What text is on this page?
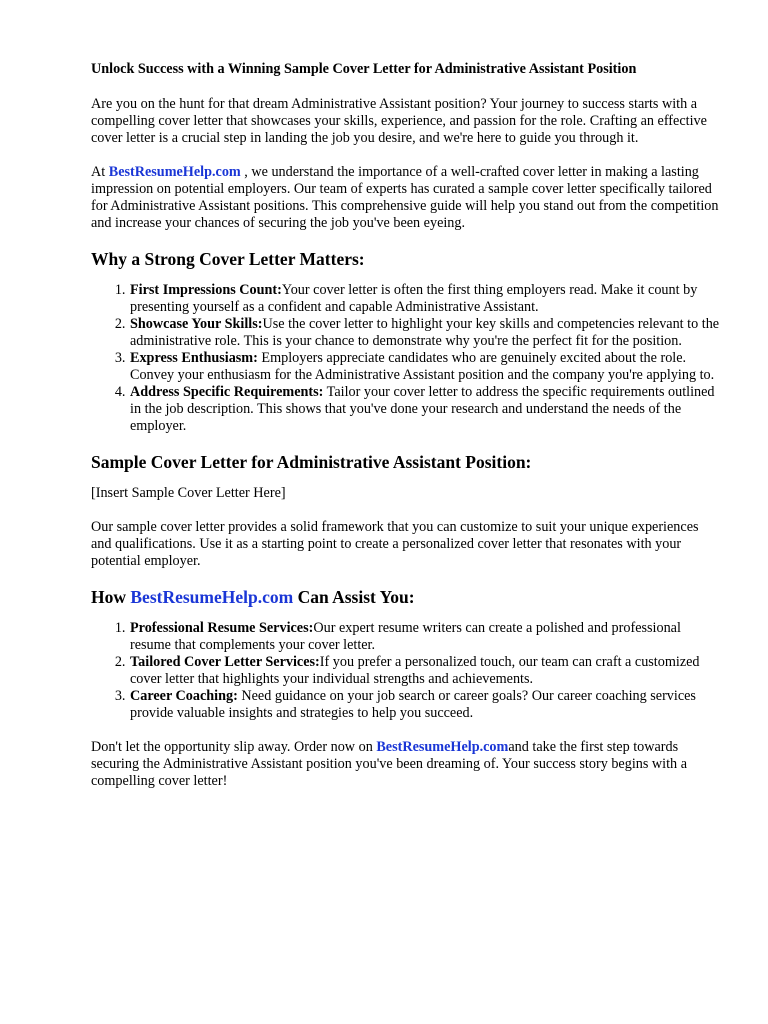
Unlock Success with a Winning Sample Cover Letter for Administrative Assistant Position

Are you on the hunt for that dream Administrative Assistant position? Your journey to success starts with a compelling cover letter that showcases your skills, experience, and passion for the role. Crafting an effective cover letter is a crucial step in landing the job you desire, and we're here to guide you through it.

At BestResumeHelp.com , we understand the importance of a well-crafted cover letter in making a lasting impression on potential employers. Our team of experts has curated a sample cover letter specifically tailored for Administrative Assistant positions. This comprehensive guide will help you stand out from the competition and increase your chances of securing the job you've been eyeing.

Why a Strong Cover Letter Matters:
1. First Impressions Count:Your cover letter is often the first thing employers read. Make it count by presenting yourself as a confident and capable Administrative Assistant.
2. Showcase Your Skills:Use the cover letter to highlight your key skills and competencies relevant to the administrative role. This is your chance to demonstrate why you're the perfect fit for the position.
3. Express Enthusiasm: Employers appreciate candidates who are genuinely excited about the role. Convey your enthusiasm for the Administrative Assistant position and the company you're applying to.
4. Address Specific Requirements: Tailor your cover letter to address the specific requirements outlined in the job description. This shows that you've done your research and understand the needs of the employer.
Sample Cover Letter for Administrative Assistant Position:

[Insert Sample Cover Letter Here]

Our sample cover letter provides a solid framework that you can customize to suit your unique experiences and qualifications. Use it as a starting point to create a personalized cover letter that resonates with your potential employer.

How BestResumeHelp.com Can Assist You:
1. Professional Resume Services:Our expert resume writers can create a polished and professional resume that complements your cover letter.
2. Tailored Cover Letter Services:If you prefer a personalized touch, our team can craft a customized cover letter that highlights your individual strengths and achievements.
3. Career Coaching: Need guidance on your job search or career goals? Our career coaching services provide valuable insights and strategies to help you succeed.

Don't let the opportunity slip away. Order now on BestResumeHelp.comand take the first step towards securing the Administrative Assistant position you've been dreaming of. Your success story begins with a compelling cover letter!
